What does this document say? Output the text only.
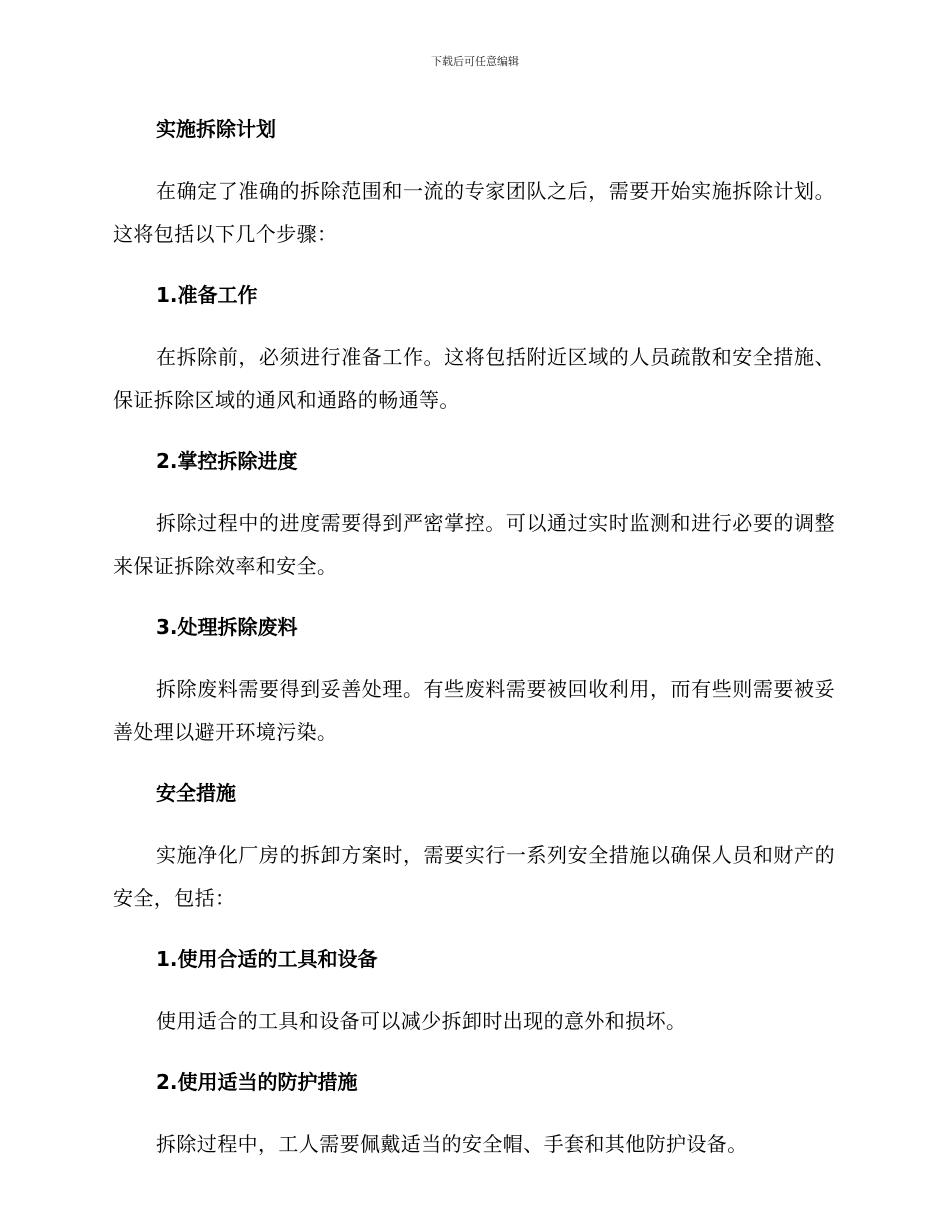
下载后可任意编辑
实施拆除计划
在确定了准确的拆除范围和一流的专家团队之后，需要开始实施拆除计划。这将包括以下几个步骤：
1.准备工作
在拆除前，必须进行准备工作。这将包括附近区域的人员疏散和安全措施、保证拆除区域的通风和通路的畅通等。
2.掌控拆除进度
拆除过程中的进度需要得到严密掌控。可以通过实时监测和进行必要的调整来保证拆除效率和安全。
3.处理拆除废料
拆除废料需要得到妥善处理。有些废料需要被回收利用，而有些则需要被妥善处理以避开环境污染。
安全措施
实施净化厂房的拆卸方案时，需要实行一系列安全措施以确保人员和财产的安全，包括：
1.使用合适的工具和设备
使用适合的工具和设备可以减少拆卸时出现的意外和损坏。
2.使用适当的防护措施
拆除过程中，工人需要佩戴适当的安全帽、手套和其他防护设备。
